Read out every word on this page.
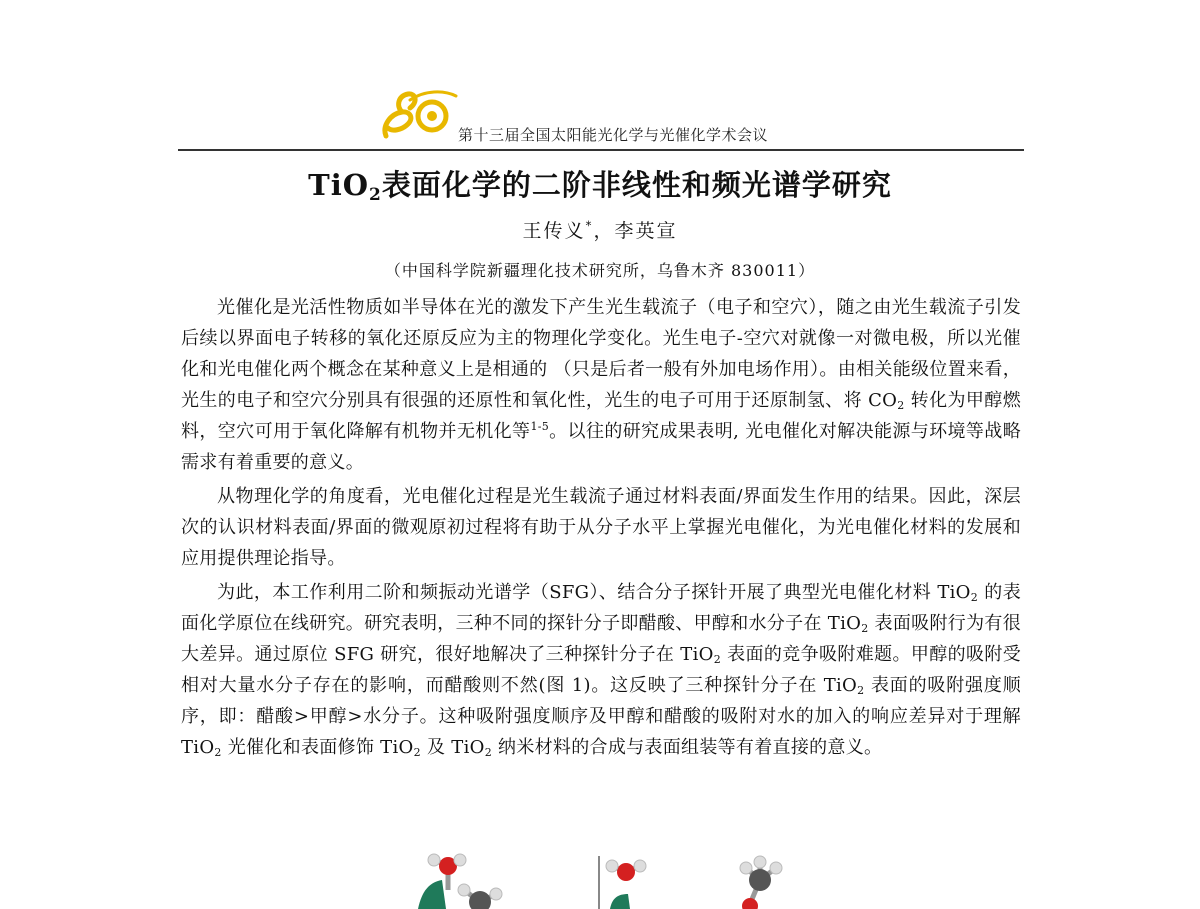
第十三届全国太阳能光化学与光催化学术会议
TiO$_2$表面化学的二阶非线性和频光谱学研究
王传义*，李英宣
（中国科学院新疆理化技术研究所，乌鲁木齐 830011）

光催化是光活性物质如半导体在光的激发下产生光生载流子（电子和空穴），随之由光生载流子引发后续以界面电子转移的氧化还原反应为主的物理化学变化。光生电子-空穴对就像一对微电极，所以光催化和光电催化两个概念在某种意义上是相通的 （只是后者一般有外加电场作用）。由相关能级位置来看，光生的电子和空穴分别具有很强的还原性和氧化性，光生的电子可用于还原制氢、将 $CO_2$ 转化为甲醇燃料，空穴可用于氧化降解有机物并无机化等$^{1-5}$。以往的研究成果表明, 光电催化对解决能源与环境等战略需求有着重要的意义。

从物理化学的角度看，光电催化过程是光生载流子通过材料表面/界面发生作用的结果。因此，深层次的认识材料表面/界面的微观原初过程将有助于从分子水平上掌握光电催化，为光电催化材料的发展和应用提供理论指导。

为此，本工作利用二阶和频振动光谱学（SFG）、结合分子探针开展了典型光电催化材料 TiO$_2$ 的表面化学原位在线研究。研究表明，三种不同的探针分子即醋酸、甲醇和水分子在 TiO$_2$ 表面吸附行为有很大差异。通过原位 SFG 研究，很好地解决了三种探针分子在 TiO$_2$ 表面的竞争吸附难题。甲醇的吸附受相对大量水分子存在的影响，而醋酸则不然(图 1)。这反映了三种探针分子在 TiO$_2$ 表面的吸附强度顺序，即：醋酸>甲醇>水分子。这种吸附强度顺序及甲醇和醋酸的吸附对水的加入的响应差异对于理解 TiO$_2$ 光催化和表面修饰 TiO$_2$ 及 TiO$_2$ 纳米材料的合成与表面组装等有着直接的意义。
